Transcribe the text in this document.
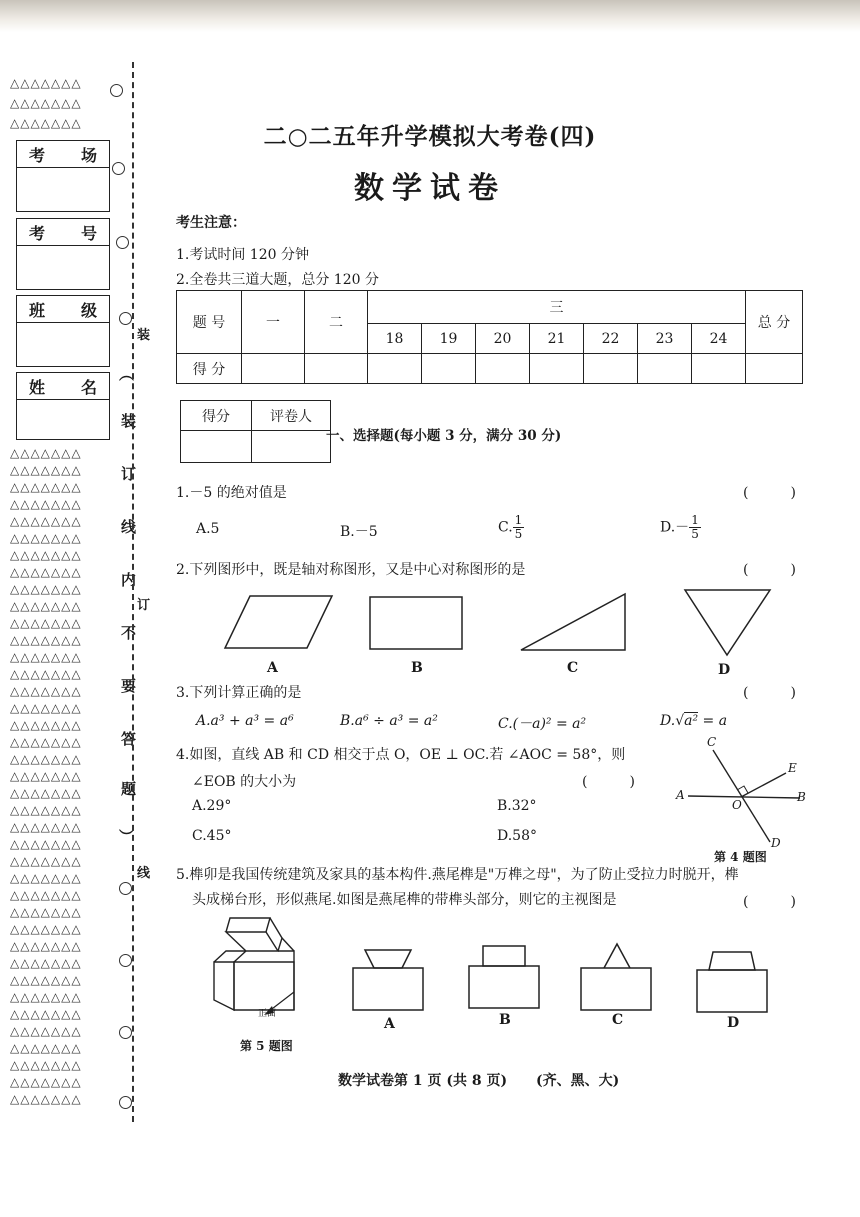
△△△△△△△
△△△△△△△
△△△△△△△
考 场
考 号
班 级
姓 名
△△△△△△△
△△△△△△△
△△△△△△△
△△△△△△△
△△△△△△△
△△△△△△△
△△△△△△△
△△△△△△△
△△△△△△△
△△△△△△△
△△△△△△△
△△△△△△△
△△△△△△△
△△△△△△△
△△△△△△△
△△△△△△△
△△△△△△△
△△△△△△△
△△△△△△△
△△△△△△△
△△△△△△△
△△△△△△△
△△△△△△△
△△△△△△△
△△△△△△△
△△△△△△△
△△△△△△△
△△△△△△△
△△△△△△△
△△△△△△△
△△△△△△△
△△△△△△△
△△△△△△△
△△△△△△△
△△△△△△△
△△△△△△△
△△△△△△△
△△△△△△△
△△△△△△△
︵
装
订
线
内
不
要
答
题
︶
装
订
线
二○二五年升学模拟大考卷(四)
数学试卷
考生注意：
1.考试时间 120 分钟
2.全卷共三道大题，总分 120 分
题 号	一	二	三							总 分
			18	19	20	21	22	23	24	
得 分										
得分	评卷人

一、选择题(每小题 3 分，满分 30 分)
1.－5 的绝对值是	(　　　)
A.5	B.－5	C. $\frac{1}{5}$	$D.- \frac{1}{5}$
2.下列图形中，既是轴对称图形，又是中心对称图形的是	(　　　)
A	B	C	D
3.下列计算正确的是	(　　　)
A.a³ + a³ = a⁶	B.a⁶ ÷ a³ = a²	C.(－a)² = a²	D.√a² = a
4.如图，直线 AB 和 CD 相交于点 O，OE ⊥ OC.若 ∠AOC = 58°，则
∠EOB 的大小为	(　　　)
A.29°	B.32°
C.45°	D.58°
C
E
A	B
O
D
第 4 题图
5.榫卯是我国传统建筑及家具的基本构件.燕尾榫是"万榫之母"，为了防止受拉力时脱开，榫
头成梯台形，形似燕尾.如图是燕尾榫的带榫头部分，则它的主视图是	(　　　)
正面
第 5 题图
A	B	C	D
数学试卷第 1 页 (共 8 页) (齐、黑、大)
